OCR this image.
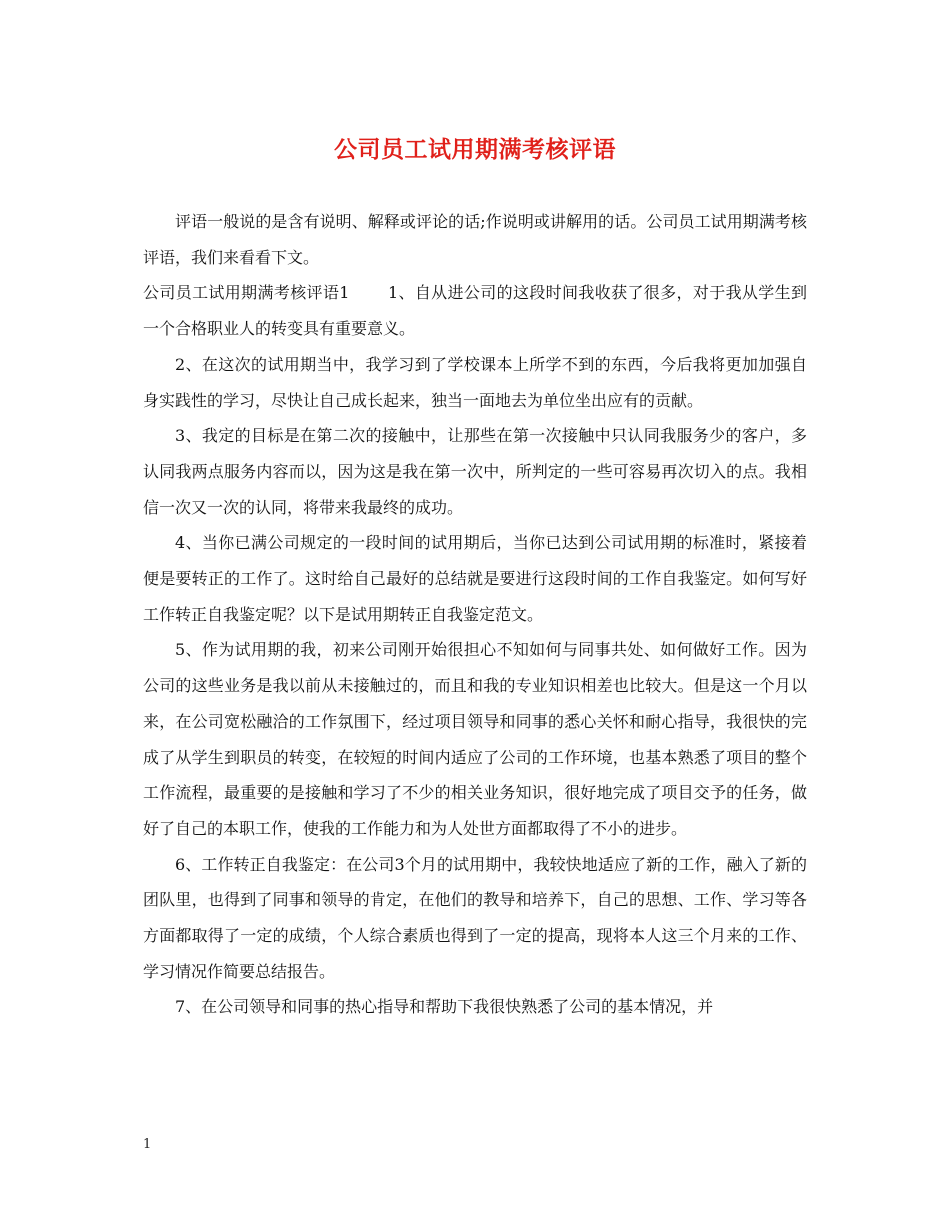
公司员工试用期满考核评语

评语一般说的是含有说明、解释或评论的话;作说明或讲解用的话。公司员工试用期满考核评语，我们来看看下文。

公司员工试用期满考核评语1　　 1、自从进公司的这段时间我收获了很多，对于我从学生到一个合格职业人的转变具有重要意义。

2、在这次的试用期当中，我学习到了学校课本上所学不到的东西，今后我将更加加强自身实践性的学习，尽快让自己成长起来，独当一面地去为单位坐出应有的贡献。

3、我定的目标是在第二次的接触中，让那些在第一次接触中只认同我服务少的客户，多认同我两点服务内容而以，因为这是我在第一次中，所判定的一些可容易再次切入的点。我相信一次又一次的认同，将带来我最终的成功。

4、当你已满公司规定的一段时间的试用期后，当你已达到公司试用期的标准时，紧接着便是要转正的工作了。这时给自己最好的总结就是要进行这段时间的工作自我鉴定。如何写好工作转正自我鉴定呢？以下是试用期转正自我鉴定范文。

5、作为试用期的我，初来公司刚开始很担心不知如何与同事共处、如何做好工作。因为公司的这些业务是我以前从未接触过的，而且和我的专业知识相差也比较大。但是这一个月以来，在公司宽松融洽的工作氛围下，经过项目领导和同事的悉心关怀和耐心指导，我很快的完成了从学生到职员的转变，在较短的时间内适应了公司的工作环境，也基本熟悉了项目的整个工作流程，最重要的是接触和学习了不少的相关业务知识，很好地完成了项目交予的任务，做好了自己的本职工作，使我的工作能力和为人处世方面都取得了不小的进步。

6、工作转正自我鉴定：在公司3个月的试用期中，我较快地适应了新的工作，融入了新的团队里，也得到了同事和领导的肯定，在他们的教导和培养下，自己的思想、工作、学习等各方面都取得了一定的成绩，个人综合素质也得到了一定的提高，现将本人这三个月来的工作、学习情况作简要总结报告。

7、在公司领导和同事的热心指导和帮助下我很快熟悉了公司的基本情况，并

1
